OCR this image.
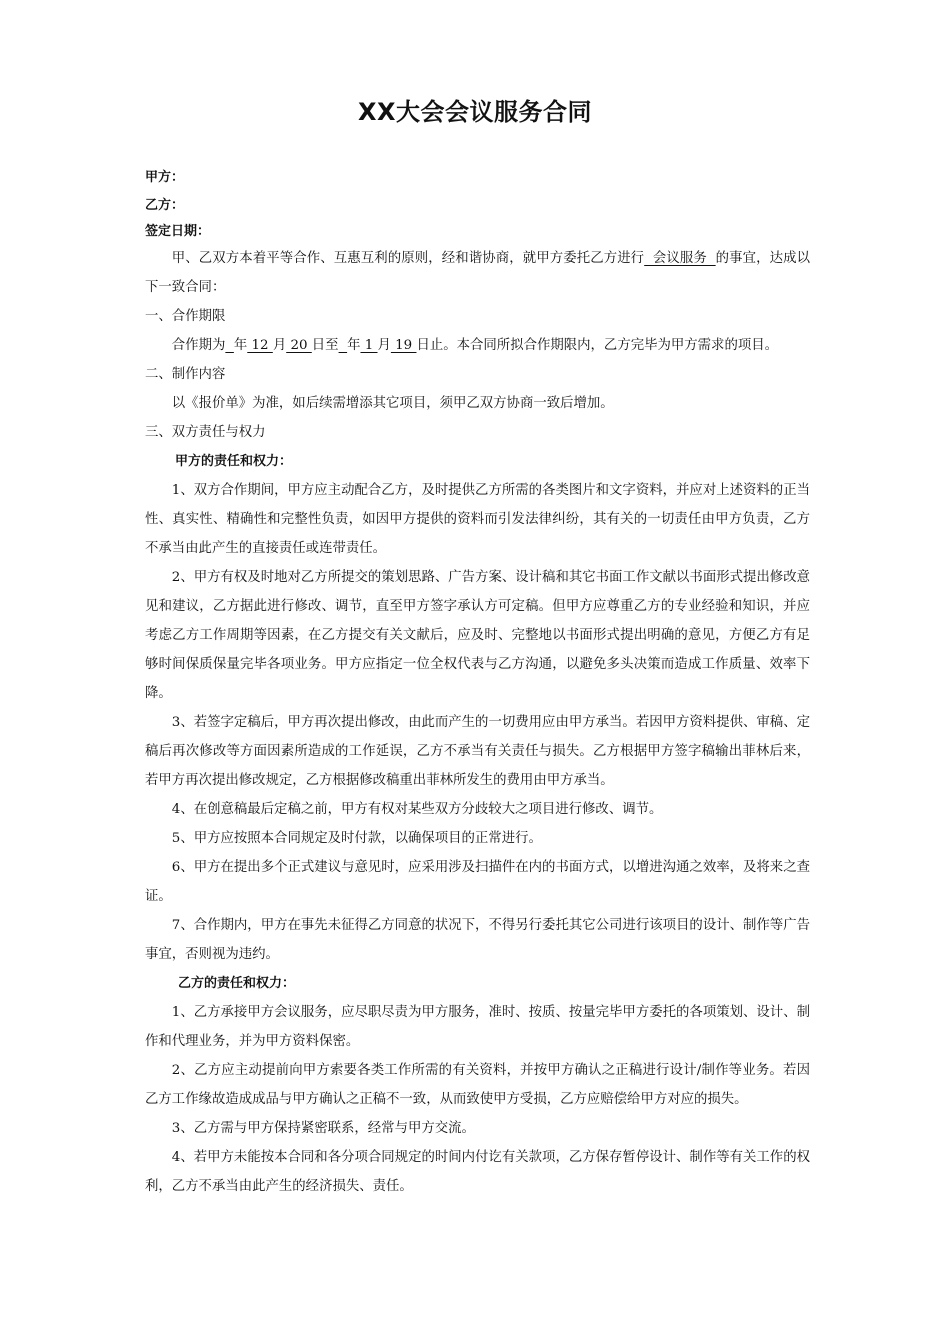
XX大会会议服务合同
甲方：
乙方：
签定日期：
甲、乙双方本着平等合作、互惠互利的原则，经和谐协商，就甲方委托乙方进行  会议服务  的事宜，达成以下一致合同：
一、合作期限
合作期为 年 12 月 20 日至 年 1 月 19 日止。本合同所拟合作期限内，乙方完毕为甲方需求的项目。
二、制作内容
以《报价单》为准，如后续需增添其它项目，须甲乙双方协商一致后增加。
三、双方责任与权力
甲方的责任和权力：
1、双方合作期间，甲方应主动配合乙方，及时提供乙方所需的各类图片和文字资料，并应对上述资料的正当性、真实性、精确性和完整性负责，如因甲方提供的资料而引发法律纠纷，其有关的一切责任由甲方负责，乙方不承当由此产生的直接责任或连带责任。
2、甲方有权及时地对乙方所提交的策划思路、广告方案、设计稿和其它书面工作文献以书面形式提出修改意见和建议，乙方据此进行修改、调节，直至甲方签字承认方可定稿。但甲方应尊重乙方的专业经验和知识，并应考虑乙方工作周期等因素，在乙方提交有关文献后，应及时、完整地以书面形式提出明确的意见，方便乙方有足够时间保质保量完毕各项业务。甲方应指定一位全权代表与乙方沟通，以避免多头决策而造成工作质量、效率下降。
3、若签字定稿后，甲方再次提出修改，由此而产生的一切费用应由甲方承当。若因甲方资料提供、审稿、定稿后再次修改等方面因素所造成的工作延误，乙方不承当有关责任与损失。乙方根据甲方签字稿输出菲林后来，若甲方再次提出修改规定，乙方根据修改稿重出菲林所发生的费用由甲方承当。
4、在创意稿最后定稿之前，甲方有权对某些双方分歧较大之项目进行修改、调节。
5、甲方应按照本合同规定及时付款，以确保项目的正常进行。
6、甲方在提出多个正式建议与意见时，应采用涉及扫描件在内的书面方式，以增进沟通之效率，及将来之查证。
7、合作期内，甲方在事先未征得乙方同意的状况下，不得另行委托其它公司进行该项目的设计、制作等广告事宜，否则视为违约。
乙方的责任和权力：
1、乙方承接甲方会议服务，应尽职尽责为甲方服务，准时、按质、按量完毕甲方委托的各项策划、设计、制作和代理业务，并为甲方资料保密。
2、乙方应主动提前向甲方索要各类工作所需的有关资料，并按甲方确认之正稿进行设计/制作等业务。若因乙方工作缘故造成成品与甲方确认之正稿不一致，从而致使甲方受损，乙方应赔偿给甲方对应的损失。
3、乙方需与甲方保持紧密联系，经常与甲方交流。
4、若甲方未能按本合同和各分项合同规定的时间内付讫有关款项，乙方保存暂停设计、制作等有关工作的权利，乙方不承当由此产生的经济损失、责任。
